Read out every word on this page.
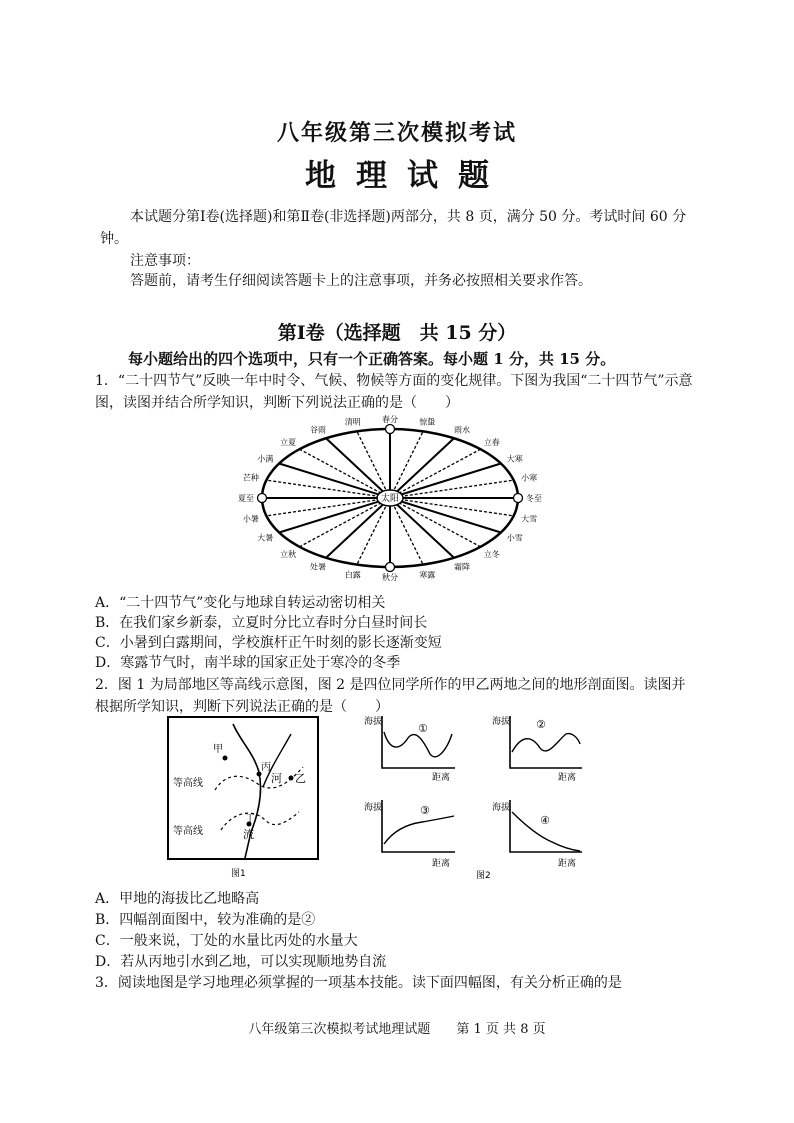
八年级第三次模拟考试
地理试题
本试题分第Ⅰ卷(选择题)和第Ⅱ卷(非选择题)两部分，共 8 页，满分 50 分。考试时间 60 分钟。
注意事项：
答题前，请考生仔细阅读答题卡上的注意事项，并务必按照相关要求作答。
第Ⅰ卷（选择题　共 15 分）
每小题给出的四个选项中，只有一个正确答案。每小题 1 分，共 15 分。
1．“二十四节气”反映一年中时令、气候、物候等方面的变化规律。下图为我国“二十四节气”示意图，读图并结合所学知识，判断下列说法正确的是（　　）
太阳
春分	惊蛰
雨水
立春
大寒
小寒
冬至
大雪
小雪
立冬
霜降
寒露
秋分
白露
处暑
立秋
大暑
小暑
夏至
芒种
小满
立夏
谷雨
清明
A．“二十四节气”变化与地球自转运动密切相关
B．在我们家乡新泰，立夏时分比立春时分白昼时间长
C．小暑到白露期间，学校旗杆正午时刻的影长逐渐变短
D．寒露节气时，南半球的国家正处于寒冷的冬季
2．图 1 为局部地区等高线示意图，图 2 是四位同学所作的甲乙两地之间的地形剖面图。读图并根据所学知识，判断下列说法正确的是（　　）
甲
乙
丙
河
丁
流
等高线
等高线
图1
海拔	①
距离
海拔 ②
距离
海拔	③
距离
海拔
④
距离
图2
A．甲地的海拔比乙地略高
B．四幅剖面图中，较为准确的是②
C．一般来说，丁处的水量比丙处的水量大
D．若从丙地引水到乙地，可以实现顺地势自流
3．阅读地图是学习地理必须掌握的一项基本技能。读下面四幅图，有关分析正确的是
八年级第三次模拟考试地理试题　　第 1 页 共 8 页
